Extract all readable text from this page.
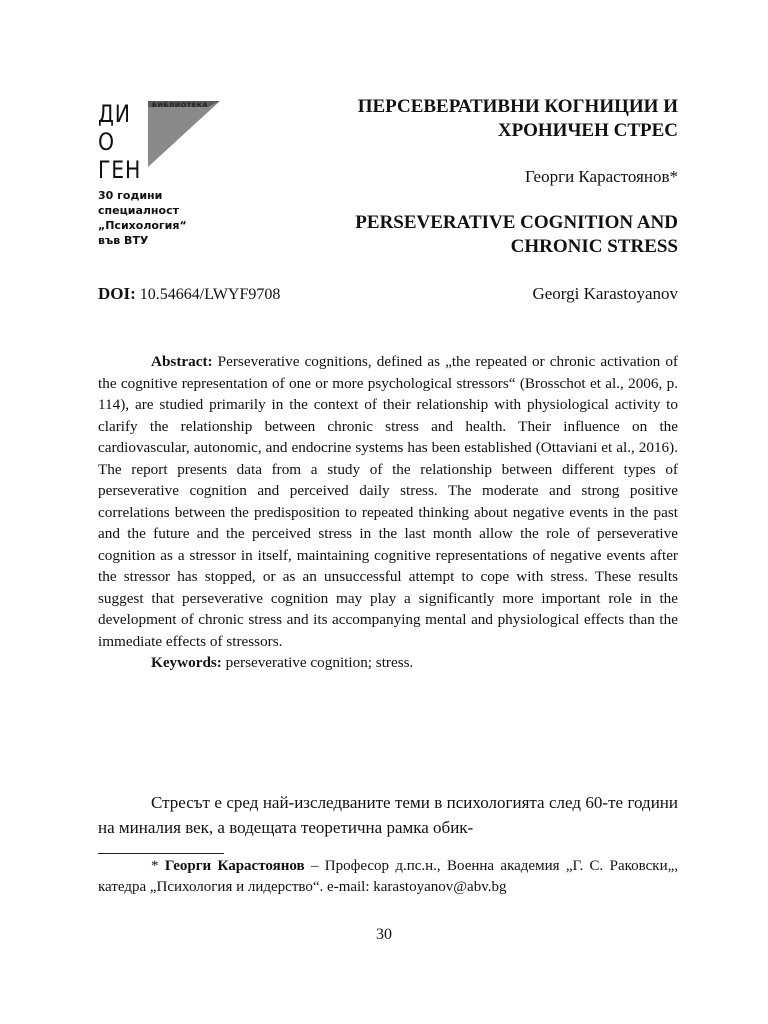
БИБЛИОТЕКА
ДИ
О
ГЕН
30 години
специалност
„Психология“
във ВТУ
ПЕРСЕВЕРАТИВНИ КОГНИЦИИ И
ХРОНИЧЕН СТРЕС
Георги Карастоянов*
PERSEVERATIVE COGNITION AND
CHRONIC STRESS
DOI: 10.54664/LWYF9708	Georgi Karastoyanov

Abstract: Perseverative cognitions, defined as „the repeated or chronic activation of the cognitive representation of one or more psychological stressors“ (Brosschot et al., 2006, p. 114), are studied primarily in the context of their relationship with physiological activity to clarify the relationship between chronic stress and health. Their influence on the cardiovascular, autonomic, and endocrine systems has been established (Ottaviani et al., 2016). The report presents data from a study of the relationship between different types of perseverative cognition and perceived daily stress. The moderate and strong positive correlations between the predisposition to repeated thinking about negative events in the past and the future and the perceived stress in the last month allow the role of perseverative cognition as a stressor in itself, maintaining cognitive representations of negative events after the stressor has stopped, or as an unsuccessful attempt to cope with stress. These results suggest that perseverative cognition may play a significantly more important role in the development of chronic stress and its accompanying mental and physiological effects than the immediate effects of stressors.

Keywords: perseverative cognition; stress.

Стресът е сред най-изследваните теми в психологията след 60-те години на миналия век, а водещата теоретична рамка обик-

* Георги Карастоянов – Професор д.пс.н., Военна академия „Г. С. Раковски„, катедра „Психология и лидерство“. e-mail: karastoyanov@abv.bg

30
